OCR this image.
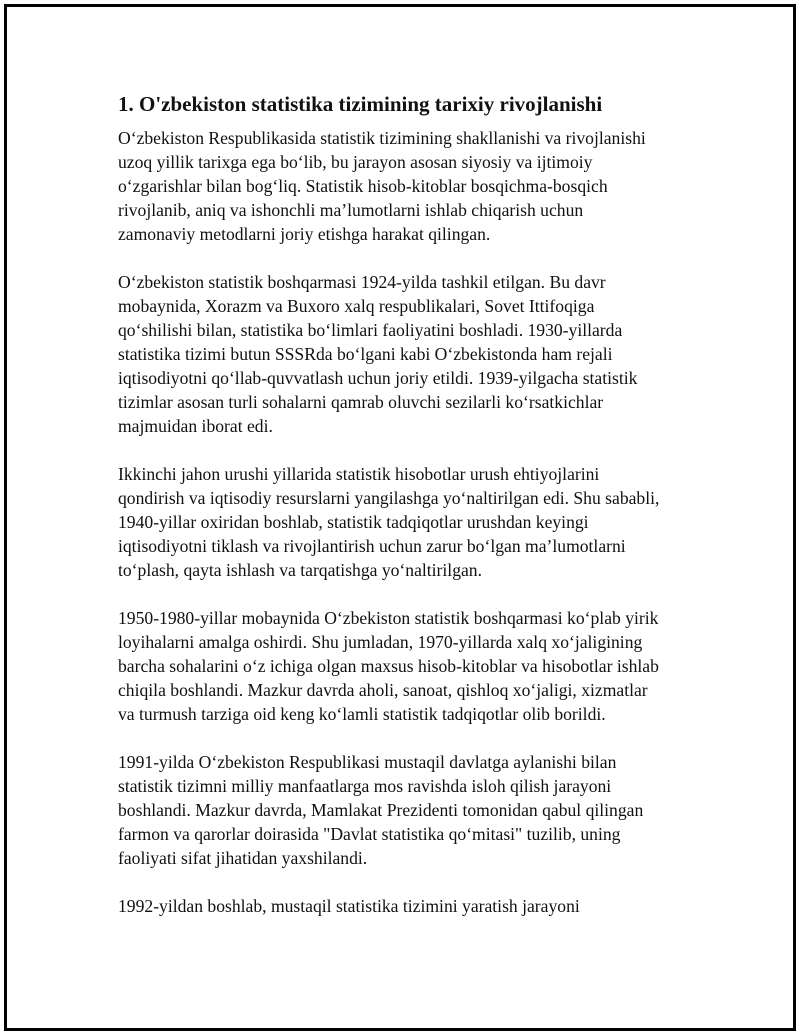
1. O'zbekiston statistika tizimining tarixiy rivojlanishi

O‘zbekiston Respublikasida statistik tizimining shakllanishi va rivojlanishi
uzoq yillik tarixga ega bo‘lib, bu jarayon asosan siyosiy va ijtimoiy
o‘zgarishlar bilan bog‘liq. Statistik hisob-kitoblar bosqichma-bosqich
rivojlanib, aniq va ishonchli ma’lumotlarni ishlab chiqarish uchun
zamonaviy metodlarni joriy etishga harakat qilingan.

O‘zbekiston statistik boshqarmasi 1924-yilda tashkil etilgan. Bu davr
mobaynida, Xorazm va Buxoro xalq respublikalari, Sovet Ittifoqiga
qo‘shilishi bilan, statistika bo‘limlari faoliyatini boshladi. 1930-yillarda
statistika tizimi butun SSSRda bo‘lgani kabi O‘zbekistonda ham rejali
iqtisodiyotni qo‘llab-quvvatlash uchun joriy etildi. 1939-yilgacha statistik
tizimlar asosan turli sohalarni qamrab oluvchi sezilarli ko‘rsatkichlar
majmuidan iborat edi.

Ikkinchi jahon urushi yillarida statistik hisobotlar urush ehtiyojlarini
qondirish va iqtisodiy resurslarni yangilashga yo‘naltirilgan edi. Shu sababli,
1940-yillar oxiridan boshlab, statistik tadqiqotlar urushdan keyingi
iqtisodiyotni tiklash va rivojlantirish uchun zarur bo‘lgan ma’lumotlarni
to‘plash, qayta ishlash va tarqatishga yo‘naltirilgan.

1950-1980-yillar mobaynida O‘zbekiston statistik boshqarmasi ko‘plab yirik
loyihalarni amalga oshirdi. Shu jumladan, 1970-yillarda xalq xo‘jaligining
barcha sohalarini o‘z ichiga olgan maxsus hisob-kitoblar va hisobotlar ishlab
chiqila boshlandi. Mazkur davrda aholi, sanoat, qishloq xo‘jaligi, xizmatlar
va turmush tarziga oid keng ko‘lamli statistik tadqiqotlar olib borildi.

1991-yilda O‘zbekiston Respublikasi mustaqil davlatga aylanishi bilan
statistik tizimni milliy manfaatlarga mos ravishda isloh qilish jarayoni
boshlandi. Mazkur davrda, Mamlakat Prezidenti tomonidan qabul qilingan
farmon va qarorlar doirasida "Davlat statistika qo‘mitasi" tuzilib, uning
faoliyati sifat jihatidan yaxshilandi.

1992-yildan boshlab, mustaqil statistika tizimini yaratish jarayoni
